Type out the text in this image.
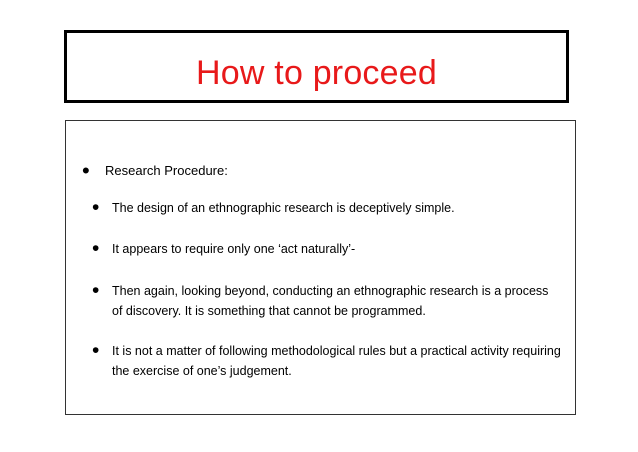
How to proceed
•	Research Procedure:
•	The design of an ethnographic research is deceptively simple.
•	It appears to require only one ‘act naturally’-
•	Then again, looking beyond, conducting an ethnographic research is a process of discovery. It is something that cannot be programmed.
•	It is not a matter of following methodological rules but a practical activity requiring the exercise of one’s judgement.
